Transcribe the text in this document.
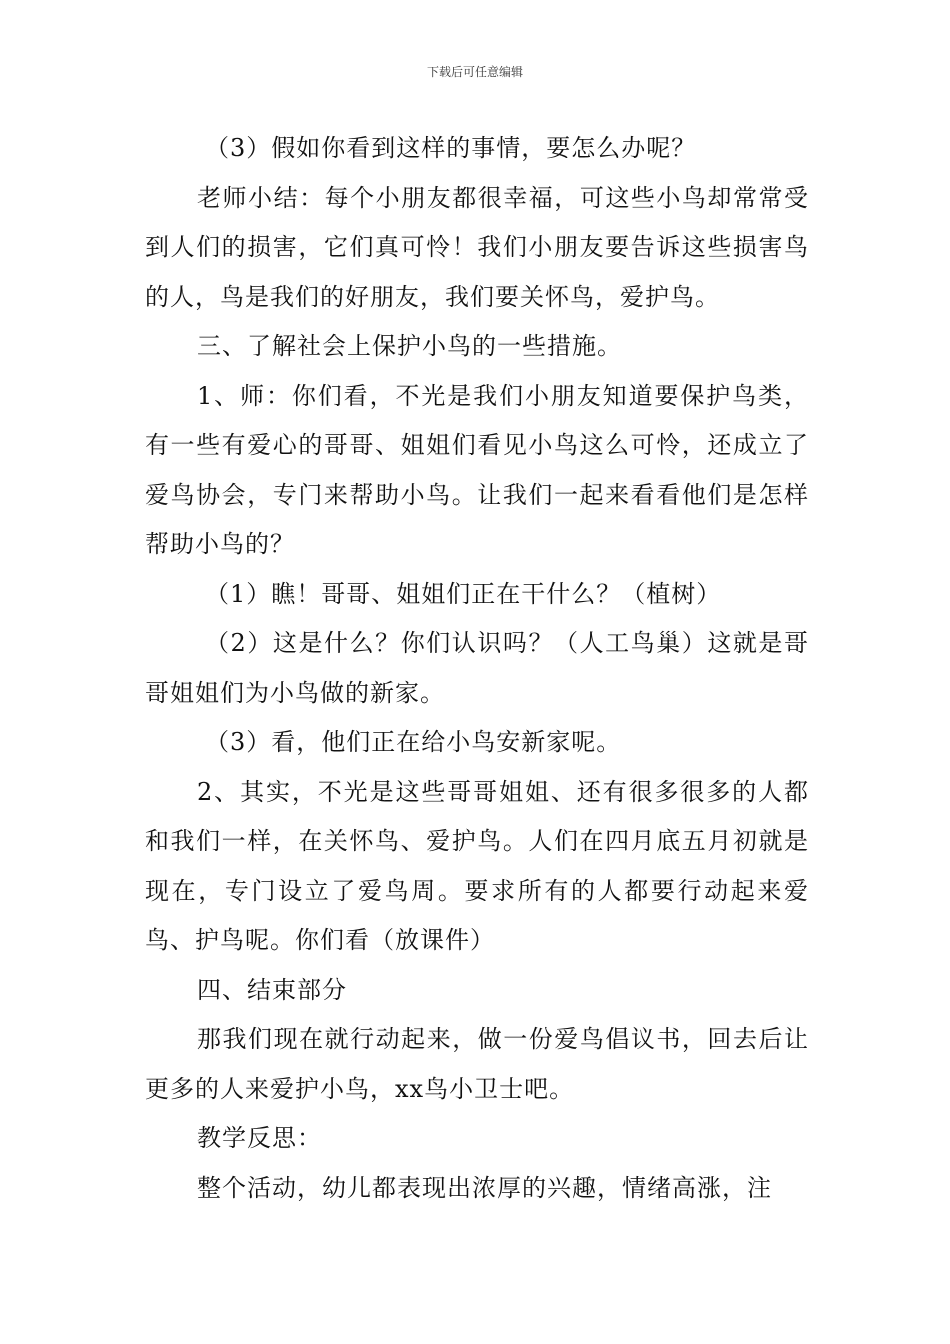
下载后可任意编辑

（3）假如你看到这样的事情，要怎么办呢？

老师小结：每个小朋友都很幸福，可这些小鸟却常常受到人们的损害，它们真可怜！我们小朋友要告诉这些损害鸟的人，鸟是我们的好朋友，我们要关怀鸟，爱护鸟。

三、了解社会上保护小鸟的一些措施。

1、师：你们看，不光是我们小朋友知道要保护鸟类，有一些有爱心的哥哥、姐姐们看见小鸟这么可怜，还成立了爱鸟协会，专门来帮助小鸟。让我们一起来看看他们是怎样帮助小鸟的？

（1）瞧！哥哥、姐姐们正在干什么？（植树）

（2）这是什么？你们认识吗？（人工鸟巢）这就是哥哥姐姐们为小鸟做的新家。

（3）看，他们正在给小鸟安新家呢。

2、其实，不光是这些哥哥姐姐、还有很多很多的人都和我们一样，在关怀鸟、爱护鸟。人们在四月底五月初就是现在，专门设立了爱鸟周。要求所有的人都要行动起来爱鸟、护鸟呢。你们看（放课件）

四、结束部分

那我们现在就行动起来，做一份爱鸟倡议书，回去后让更多的人来爱护小鸟，xx鸟小卫士吧。

教学反思：

整个活动，幼儿都表现出浓厚的兴趣，情绪高涨，注
